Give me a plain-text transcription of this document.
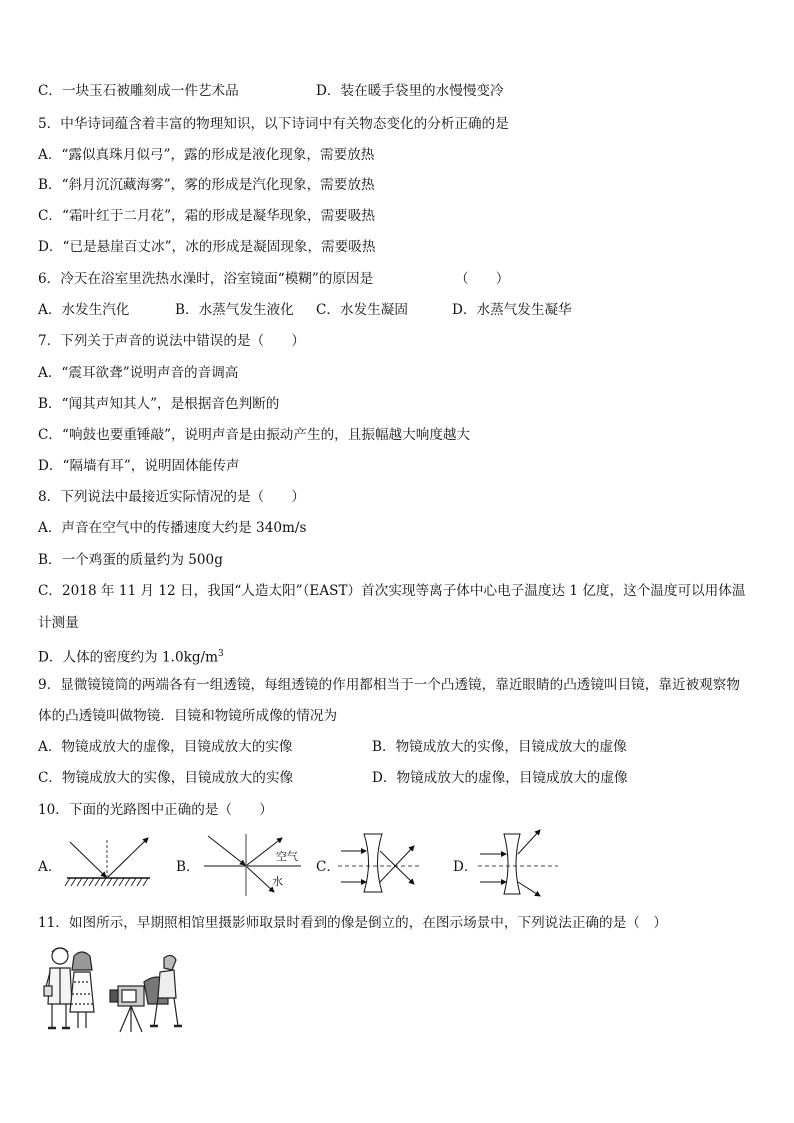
C．一块玉石被雕刻成一件艺术品	D．装在暖手袋里的水慢慢变冷
5．中华诗词蕴含着丰富的物理知识，以下诗词中有关物态变化的分析正确的是
A．“露似真珠月似弓”，露的形成是液化现象，需要放热
B．“斜月沉沉藏海雾”，雾的形成是汽化现象，需要放热
C．“霜叶红于二月花”，霜的形成是凝华现象，需要吸热
D．“已是悬崖百丈冰”，冰的形成是凝固现象，需要吸热
6．冷天在浴室里洗热水澡时，浴室镜面“模糊”的原因是	（　　）
A．水发生汽化	B．水蒸气发生液化 C．水发生凝固	D．水蒸气发生凝华
7．下列关于声音的说法中错误的是（　　）
A．“震耳欲聋”说明声音的音调高
B．“闻其声知其人”，是根据音色判断的
C．“响鼓也要重锤敲”，说明声音是由振动产生的，且振幅越大响度越大
D．“隔墙有耳”，说明固体能传声
8．下列说法中最接近实际情况的是（　　）
A．声音在空气中的传播速度大约是 340m/s
B．一个鸡蛋的质量约为 500g
C．2018 年 11 月 12 日，我国“人造太阳”（EAST）首次实现等离子体中心电子温度达 1 亿度，这个温度可以用体温
计测量
D．人体的密度约为 $1.0kg/m^3$
9．显微镜镜筒的两端各有一组透镜，每组透镜的作用都相当于一个凸透镜，靠近眼睛的凸透镜叫目镜，靠近被观察物
体的凸透镜叫做物镜．目镜和物镜所成像的情况为
A．物镜成放大的虚像，目镜成放大的实像	B．物镜成放大的实像，目镜成放大的虚像
C．物镜成放大的实像，目镜成放大的实像	D．物镜成放大的虚像，目镜成放大的虚像
10．下面的光路图中正确的是（　　）
A．	B．	C．	D．
空气
水
11．如图所示，早期照相馆里摄影师取景时看到的像是倒立的，在图示场景中，下列说法正确的是（　）
